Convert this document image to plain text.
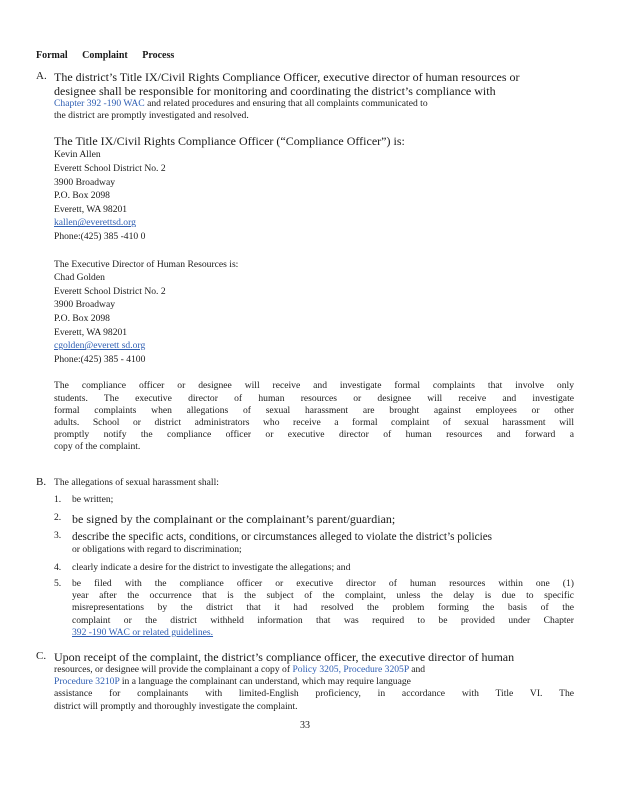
Formal Complaint Process
A. The district’s Title IX/Civil Rights Compliance Officer, executive director of human resources or
designee shall be responsible for monitoring and coordinating the district’s compliance with
Chapter 392 -190 WAC and related procedures and ensuring that all complaints communicated to
the district are promptly investigated and resolved.
The Title IX/Civil Rights Compliance Officer (“Compliance Officer”) is:
Kevin Allen
Everett School District No. 2
3900 Broadway
P.O. Box 2098
Everett, WA 98201
kallen@everettsd.org
Phone:(425) 385 -410 0
The Executive Director of Human Resources is:
Chad Golden
Everett School District No. 2
3900 Broadway
P.O. Box 2098
Everett, WA 98201
cgolden@everett sd.org
Phone:(425) 385 - 4100
The compliance officer or designee will receive and investigate formal complaints that involve only
students. The executive director of human resources or designee will receive and investigate
formal complaints when allegations of sexual harassment are brought against employees or other
adults. School or district administrators who receive a formal complaint of sexual harassment will
promptly notify the compliance officer or executive director of human resources and forward a
copy of the complaint.
B. The allegations of sexual harassment shall:
1. be written;
2. be signed by the complainant or the complainant’s parent/guardian;
3. describe the specific acts, conditions, or circumstances alleged to violate the district’s policies
or obligations with regard to discrimination;
4. clearly indicate a desire for the district to investigate the allegations; and
5. be filed with the compliance officer or executive director of human resources within one (1)
year after the occurrence that is the subject of the complaint, unless the delay is due to specific
misrepresentations by the district that it had resolved the problem forming the basis of the
complaint or the district withheld information that was required to be provided under Chapter
392 -190 WAC or related guidelines.
C. Upon receipt of the complaint, the district’s compliance officer, the executive director of human
resources, or designee will provide the complainant a copy of Policy 3205, Procedure 3205P and
Procedure 3210P in a language the complainant can understand, which may require language
assistance for complainants with limited-English proficiency, in accordance with Title VI. The
district will promptly and thoroughly investigate the complaint.
33
